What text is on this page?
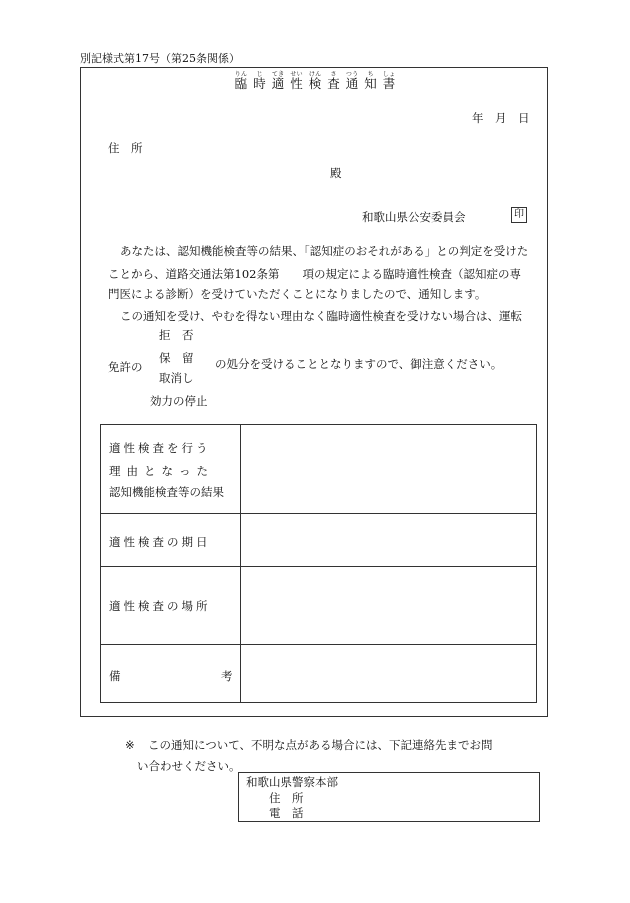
別記様式第17号（第25条関係）
臨りん時じ適てき性せい検けん査さ通つう知ち書しょ
年　月　日
住　所
殿
和歌山県公安委員会	印
あなたは、認知機能検査等の結果、「認知症のおそれがある」との判定を受けた
ことから、道路交通法第102条第　　項の規定による臨時適性検査（認知症の専
門医による診断）を受けていただくことになりましたので、通知します。
この通知を受け、やむを得ない理由なく臨時適性検査を受けない場合は、運転
拒　否
保　留
免許の	の処分を受けることとなりますので、御注意ください。
取消し
効力の停止
適性検査を行う
理由となった
認知機能検査等の結果
適性検査の期日
適性検査の場所
備	考
※ この通知について、不明な点がある場合には、下記連絡先までお問
い合わせください。
和歌山県警察本部
住　所
電　話
